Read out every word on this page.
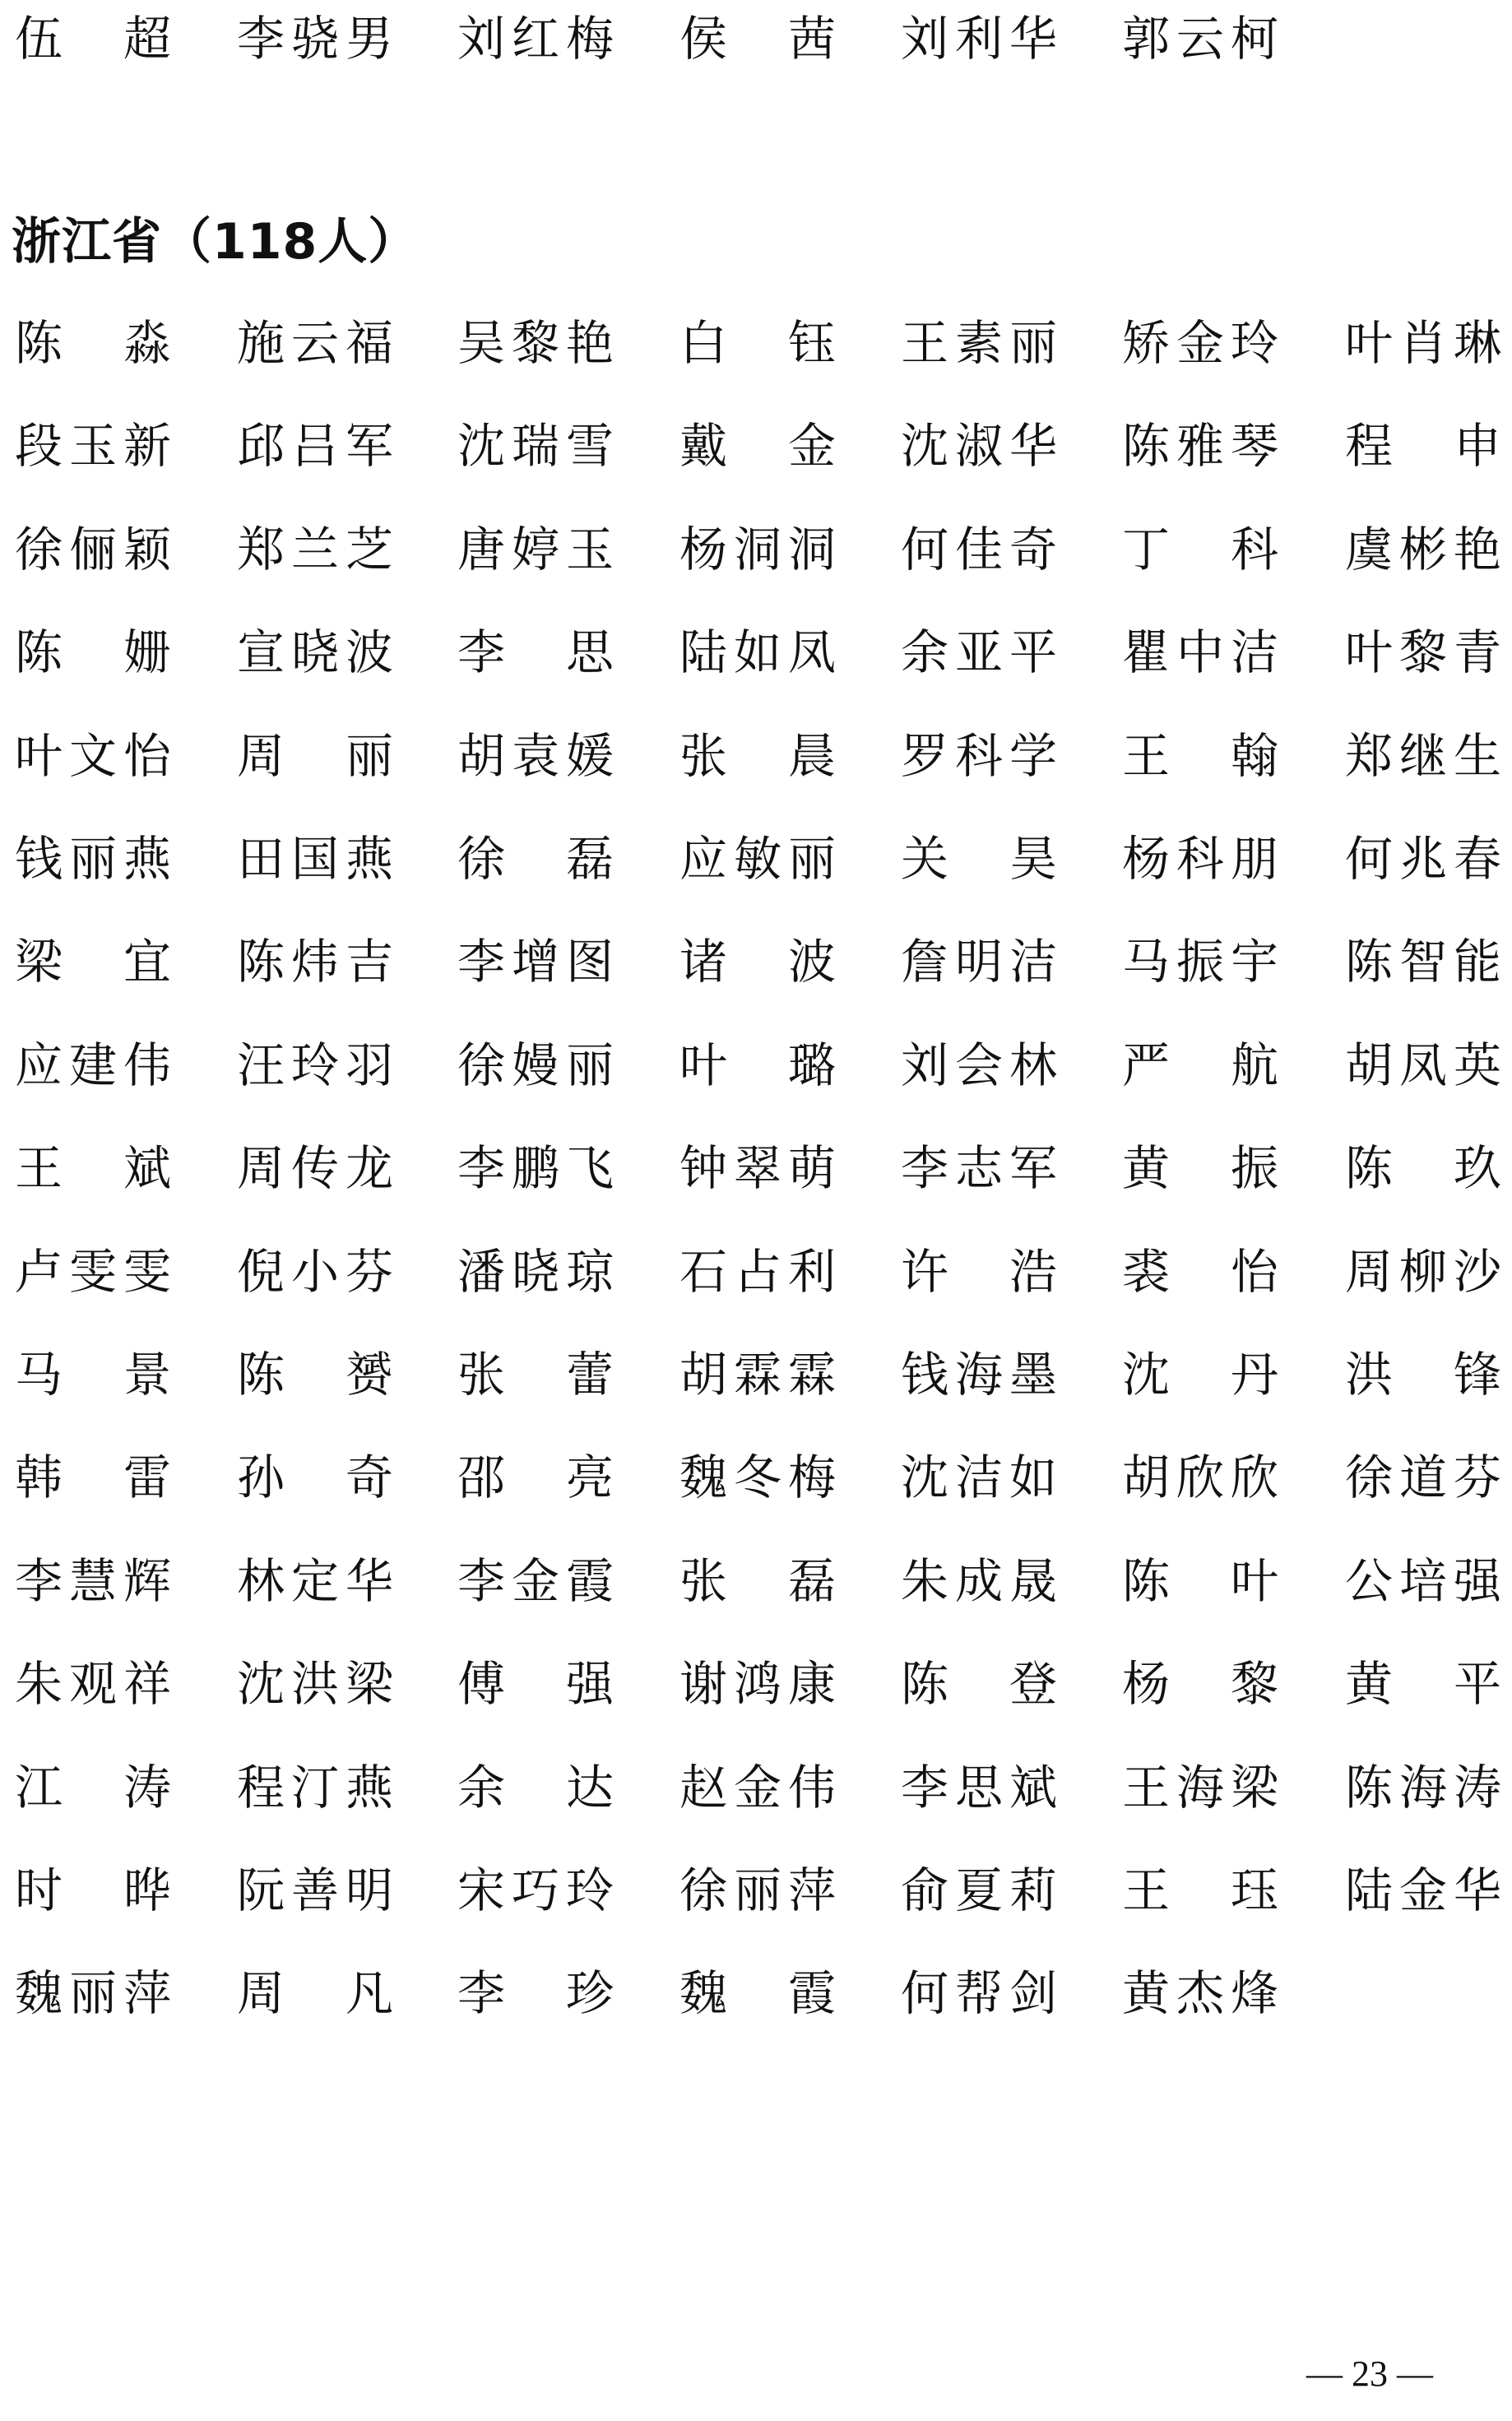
伍 超 李 骁 男 刘 红 梅 侯 茜 刘 利 华 郭 云 柯
浙江省（118人）
陈 淼 施 云 福 吴 黎 艳 白 钰 王 素 丽 矫 金 玲 叶 肖 琳
段 玉 新 邱 吕 军 沈 瑞 雪 戴 金 沈 淑 华 陈 雅 琴 程 申
徐 俪 颖 郑 兰 芝 唐 婷 玉 杨 洞 洞 何 佳 奇 丁 科 虞 彬 艳
陈 姗 宣 晓 波 李 思 陆 如 凤 余 亚 平 瞿 中 洁 叶 黎 青
叶 文 怡 周 丽 胡 袁 媛 张 晨 罗 科 学 王 翰 郑 继 生
钱 丽 燕 田 国 燕 徐 磊 应 敏 丽 关 昊 杨 科 朋 何 兆 春
梁 宜 陈 炜 吉 李 增 图 诸 波 詹 明 洁 马 振 宇 陈 智 能
应 建 伟 汪 玲 羽 徐 嫚 丽 叶 璐 刘 会 林 严 航 胡 凤 英
王 斌 周 传 龙 李 鹏 飞 钟 翠 萌 李 志 军 黄 振 陈 玖
卢 雯 雯 倪 小 芬 潘 晓 琼 石 占 利 许 浩 裘 怡 周 柳 沙
马 景 陈 赟 张 蕾 胡 霖 霖 钱 海 墨 沈 丹 洪 锋
韩 雷 孙 奇 邵 亮 魏 冬 梅 沈 洁 如 胡 欣 欣 徐 道 芬
李 慧 辉 林 定 华 李 金 霞 张 磊 朱 成 晟 陈 叶 公 培 强
朱 观 祥 沈 洪 梁 傅 强 谢 鸿 康 陈 登 杨 黎 黄 平
江 涛 程 汀 燕 余 达 赵 金 伟 李 思 斌 王 海 梁 陈 海 涛
时 晔 阮 善 明 宋 巧 玲 徐 丽 萍 俞 夏 莉 王 珏 陆 金 华
魏 丽 萍 周 凡 李 珍 魏 霞 何 帮 剑 黄 杰 烽
— 23 —
